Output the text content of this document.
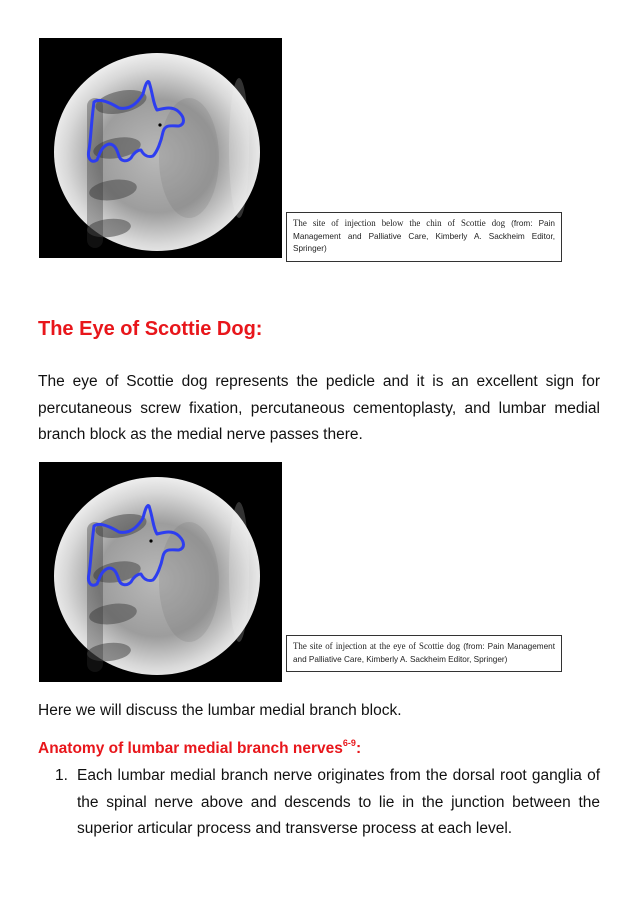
The site of injection below the chin of Scottie dog (from: Pain Management and Palliative Care, Kimberly A. Sackheim Editor, Springer)
The Eye of Scottie Dog:

The eye of Scottie dog represents the pedicle and it is an excellent sign for percutaneous screw fixation, percutaneous cementoplasty, and lumbar medial branch block as the medial nerve passes there.

The site of injection at the eye of Scottie dog (from: Pain Management and Palliative Care, Kimberly A. Sackheim Editor, Springer)

Here we will discuss the lumbar medial branch block.

Anatomy of lumbar medial branch nerves$^{6-9}$:
1. Each lumbar medial branch nerve originates from the dorsal root ganglia of the spinal nerve above and descends to lie in the junction between the superior articular process and transverse process at each level.
